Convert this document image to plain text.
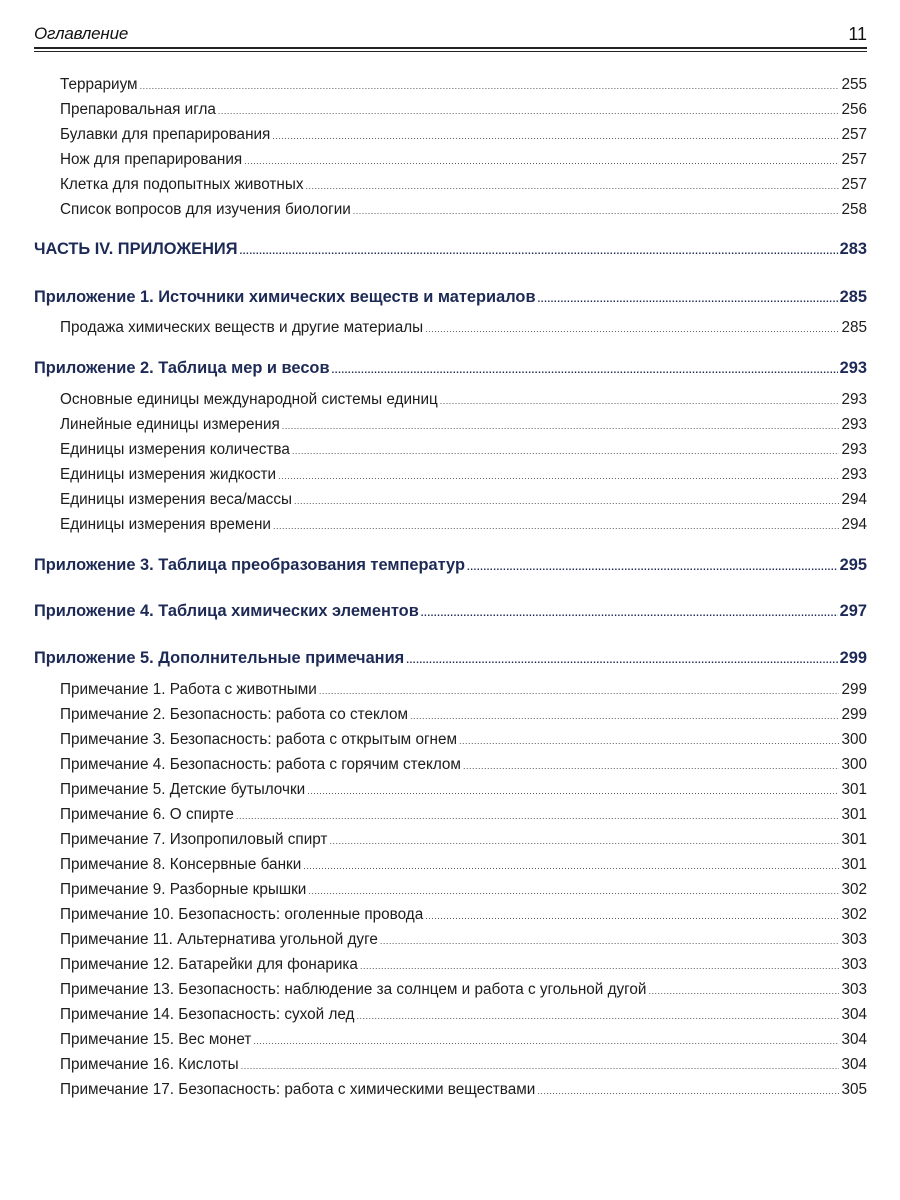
Оглавление	11
Террариум .....	255
Препаровальная игла .....	256
Булавки для препарирования .....	257
Нож для препарирования .....	257
Клетка для подопытных животных .....	257
Список вопросов для изучения биологии .....	258
ЧАСТЬ IV. ПРИЛОЖЕНИЯ .....	283
Приложение 1. Источники химических веществ и материалов .....	285
Продажа химических веществ и другие материалы .....	285
Приложение 2. Таблица мер и весов .....	293
Основные единицы международной системы единиц .....	293
Линейные единицы измерения .....	293
Единицы измерения количества .....	293
Единицы измерения жидкости .....	293
Единицы измерения веса/массы .....	294
Единицы измерения времени .....	294
Приложение 3. Таблица преобразования температур .....	295
Приложение 4. Таблица химических элементов .....	297
Приложение 5. Дополнительные примечания .....	299
Примечание 1. Работа с животными .....	299
Примечание 2. Безопасность: работа со стеклом .....	299
Примечание 3. Безопасность: работа с открытым огнем .....	300
Примечание 4. Безопасность: работа с горячим стеклом .....	300
Примечание 5. Детские бутылочки .....	301
Примечание 6. О спирте .....	301
Примечание 7. Изопропиловый спирт .....	301
Примечание 8. Консервные банки .....	301
Примечание 9. Разборные крышки .....	302
Примечание 10. Безопасность: оголенные провода .....	302
Примечание 11. Альтернатива угольной дуге .....	303
Примечание 12. Батарейки для фонарика .....	303
Примечание 13. Безопасность: наблюдение за солнцем и работа с угольной дугой .....	303
Примечание 14. Безопасность: сухой лед .....	304
Примечание 15. Вес монет .....	304
Примечание 16. Кислоты .....	304
Примечание 17. Безопасность: работа с химическими веществами .....	305
